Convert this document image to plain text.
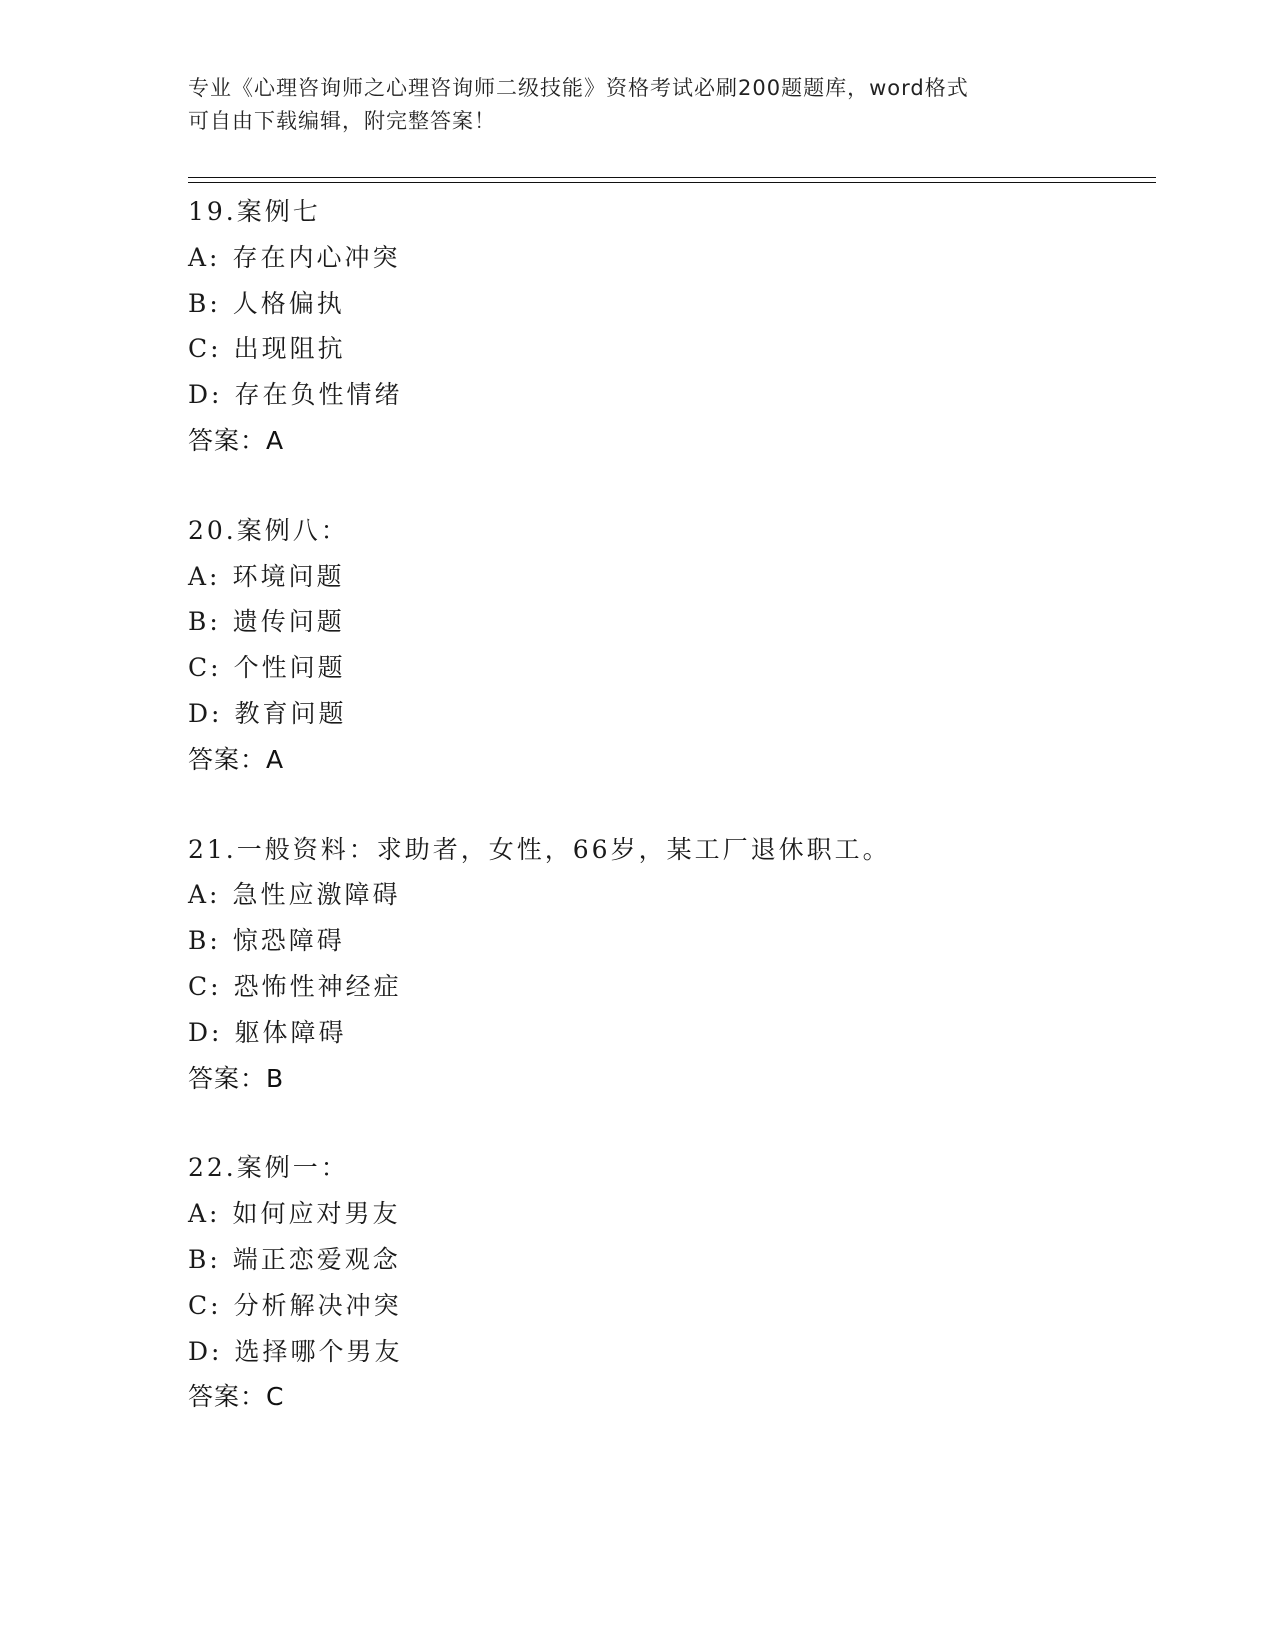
专业《心理咨询师之心理咨询师二级技能》资格考试必刷200题题库，word格式
可自由下载编辑，附完整答案！
19.案例七
A: 存在内心冲突
B: 人格偏执
C: 出现阻抗
D: 存在负性情绪
答案：A
20.案例八：
A: 环境问题
B: 遗传问题
C: 个性问题
D: 教育问题
答案：A
21.一般资料：求助者，女性，66岁，某工厂退休职工。
A: 急性应激障碍
B: 惊恐障碍
C: 恐怖性神经症
D: 躯体障碍
答案：B
22.案例一：
A: 如何应对男友
B: 端正恋爱观念
C: 分析解决冲突
D: 选择哪个男友
答案：C
